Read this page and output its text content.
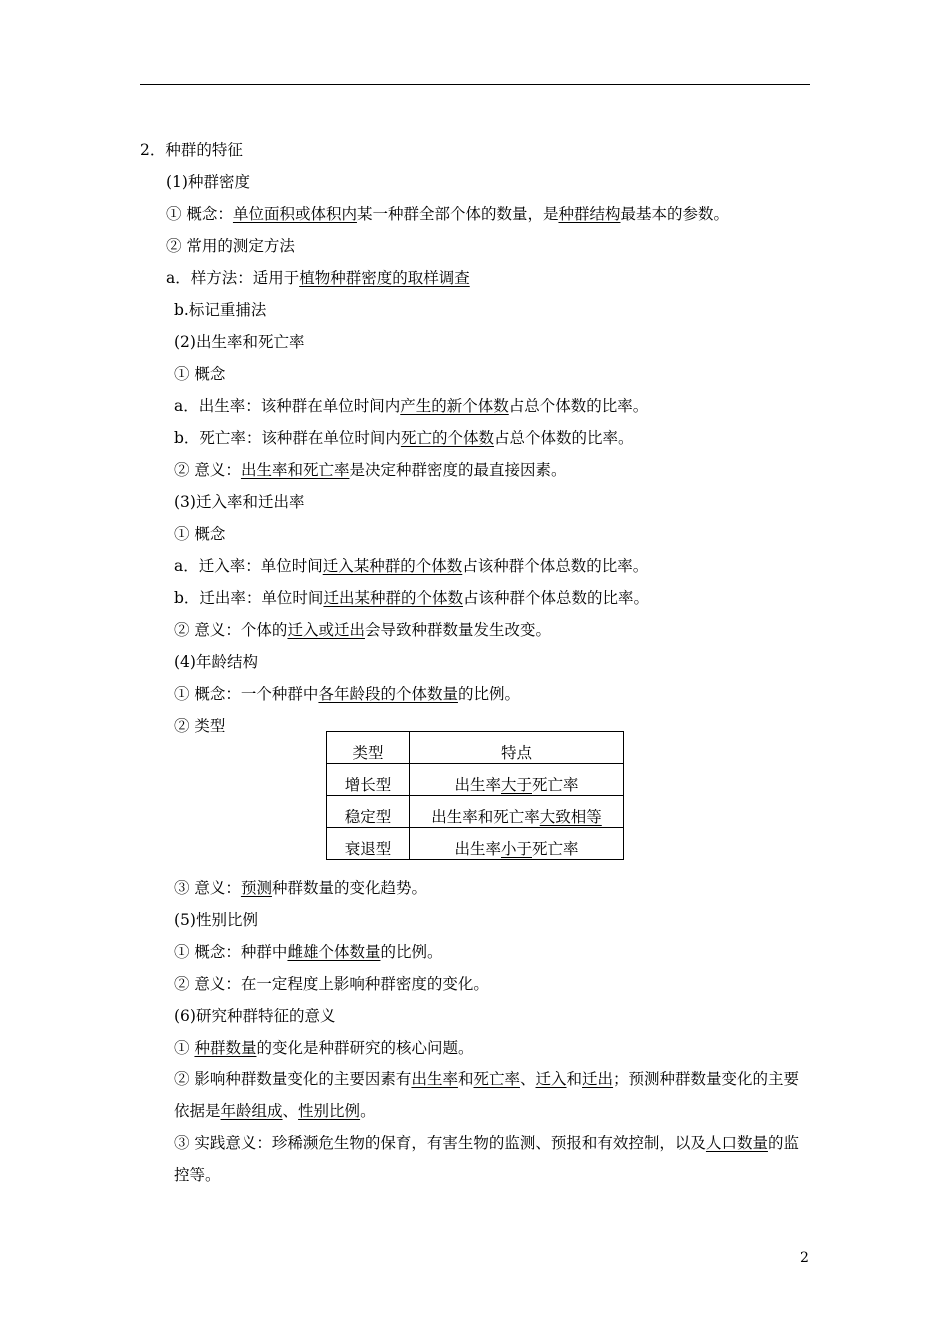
2．种群的特征
(1)种群密度
① 概念：单位面积或体积内某一种群全部个体的数量，是种群结构最基本的参数。
② 常用的测定方法
a．样方法：适用于植物种群密度的取样调查
b.标记重捕法
(2)出生率和死亡率
① 概念
a．出生率：该种群在单位时间内产生的新个体数占总个体数的比率。
b．死亡率：该种群在单位时间内死亡的个体数占总个体数的比率。
② 意义：出生率和死亡率是决定种群密度的最直接因素。
(3)迁入率和迁出率
① 概念
a．迁入率：单位时间迁入某种群的个体数占该种群个体总数的比率。
b．迁出率：单位时间迁出某种群的个体数占该种群个体总数的比率。
② 意义：个体的迁入或迁出会导致种群数量发生改变。
(4)年龄结构
① 概念：一个种群中各年龄段的个体数量的比例。
② 类型
类型	特点
增长型	出生率大于死亡率
稳定型	出生率和死亡率大致相等
衰退型	出生率小于死亡率
③ 意义：预测种群数量的变化趋势。
(5)性别比例
① 概念：种群中雌雄个体数量的比例。
② 意义：在一定程度上影响种群密度的变化。
(6)研究种群特征的意义
① 种群数量的变化是种群研究的核心问题。
② 影响种群数量变化的主要因素有出生率和死亡率、迁入和迁出；预测种群数量变化的主要依据是年龄组成、性别比例。
③ 实践意义：珍稀濒危生物的保育，有害生物的监测、预报和有效控制，以及人口数量的监控等。
2
